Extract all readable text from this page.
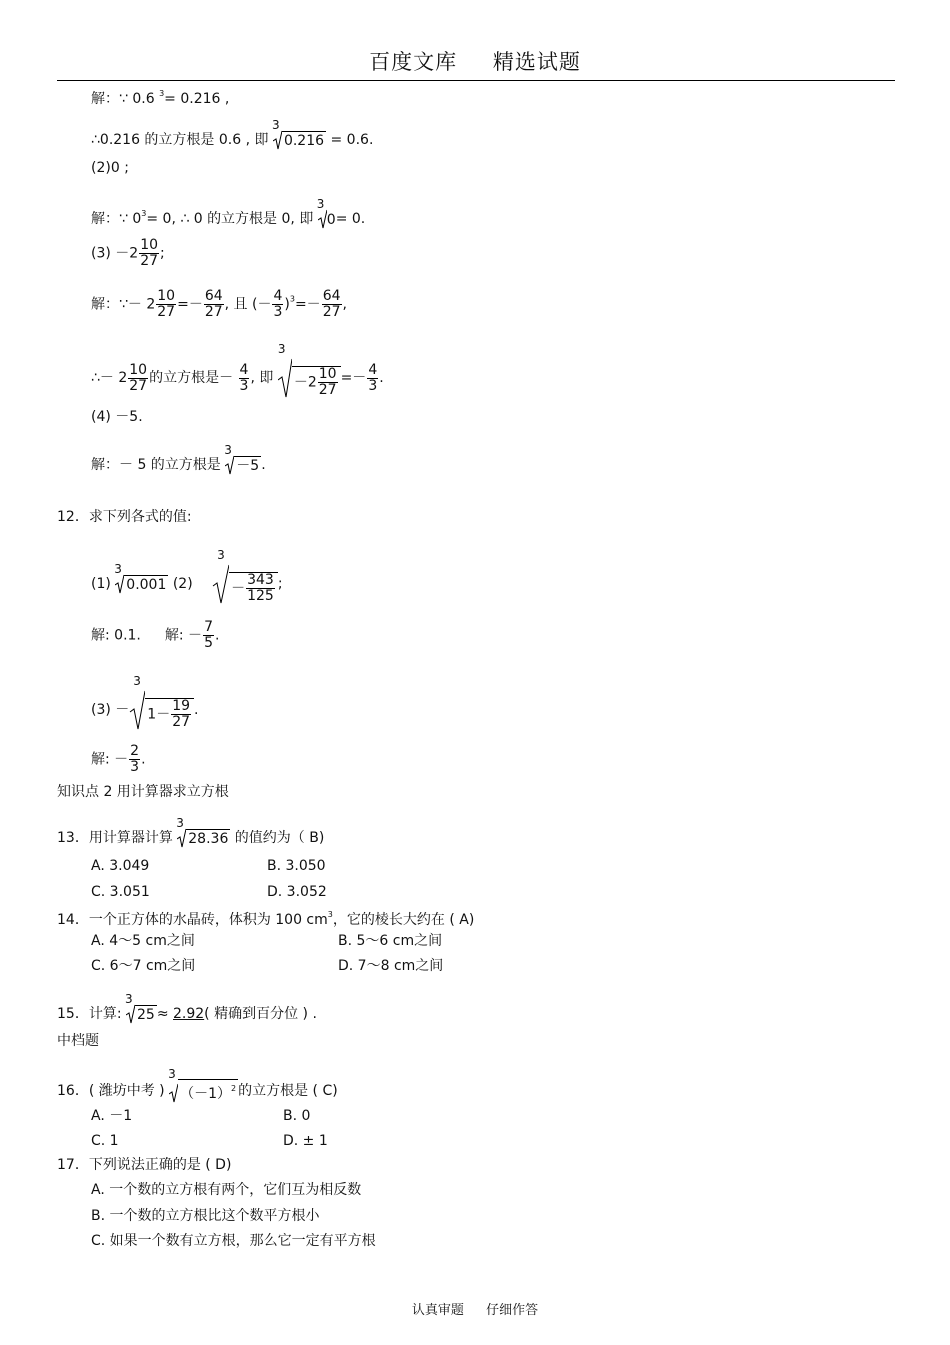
百度文库 精选试题
解：∵ 0.6 $^3$= 0.216 ,
∴0.216 的立方根是 0.6 , 即
3
0.216 = 0.6.
(2)0 ;
解：∵ $0^3= 0$, ∴ 0 的立方根是 0, 即
3
0 = 0.
$(3) -2 \frac{10}{27}$ ;
解：∵－ $2 \frac{10}{27} =- \frac{64}{27}$ , 且 (－ $\frac{4}{3} )^3=- \frac{64}{27}$ ,
∴－ $2 \frac{10}{27}$ 的立方根是－ $\frac{4}{3}$ , 即
3
$-2 \frac{10}{27} =- \frac{4}{3}$ .
(4) －5.
解：－ 5 的立方根是
3
－5 .
12．求下列各式的值:
(1)
3
0.001 (2)
3
－ $\frac{343}{125}$ ;
解: 0.1. 解: － $\frac{7}{5}$ .
(3) －
3
$1- \frac{19}{27}$ .
解: － $\frac{2}{3}$ .
知识点 2 用计算器求立方根
13．用计算器计算
3
28.36 的值约为（ B)
A. 3.049	B. 3.050
C. 3.051	D. 3.052
14．一个正方体的水晶砖，体积为 100 $cm^3$，它的棱长大约在 ( A)
A. 4～5 cm之间	B. 5～6 cm之间
C. 6～7 cm之间	D. 7～8 cm之间
15．计算:
3
25 ≈ 2.92( 精确到百分位 ) .
中档题
16．( 潍坊中考 )
3
$(-1)^2$ 的立方根是 ( C)
A. －1	B. 0
C. 1	D. ± 1
17．下列说法正确的是 ( D)
A. 一个数的立方根有两个，它们互为相反数
B. 一个数的立方根比这个数平方根小
C. 如果一个数有立方根，那么它一定有平方根
认真审题 仔细作答
